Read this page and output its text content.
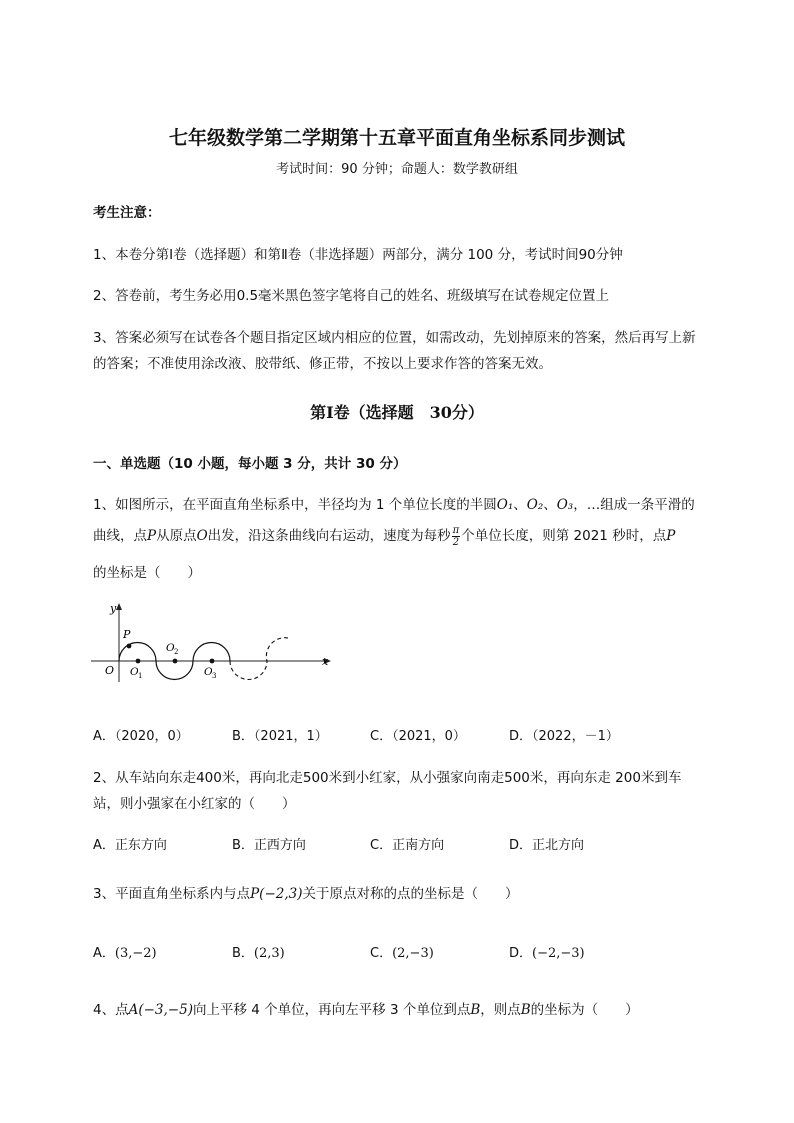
七年级数学第二学期第十五章平面直角坐标系同步测试
考试时间：90 分钟；命题人：数学教研组
考生注意：
1、本卷分第Ⅰ卷（选择题）和第Ⅱ卷（非选择题）两部分，满分 100 分，考试时间90分钟
2、答卷前，考生务必用0.5毫米黑色签字笔将自己的姓名、班级填写在试卷规定位置上
3、答案必须写在试卷各个题目指定区域内相应的位置，如需改动，先划掉原来的答案，然后再写上新
的答案；不准使用涂改液、胶带纸、修正带，不按以上要求作答的答案无效。
第Ⅰ卷（选择题　30分）
一、单选题（10 小题，每小题 3 分，共计 30 分）
1、如图所示，在平面直角坐标系中，半径均为 1 个单位长度的半圆O₁、O₂、O₃，…组成一条平滑的
曲线，点P从原点O出发，沿这条曲线向右运动，速度为每秒 $\frac{\pi}{2}$ 个单位长度，则第 2021 秒时，点P
的坐标是（　　）
y
x
O
P
O 1
O 2
O 3
A．（2020，0）	B．（2021，1）	C．（2021，0）	D．（2022，－1）
2、从车站向东走400米，再向北走500米到小红家，从小强家向南走500米，再向东走 200米到车
站，则小强家在小红家的（　　）
A．正东方向	B．正西方向	C．正南方向	D．正北方向
3、平面直角坐标系内与点P(−2,3)关于原点对称的点的坐标是（　　）
A．(3,−2)	B．(2,3)	C．(2,−3)	D．(−2,−3)
4、点A(−3,−5)向上平移 4 个单位，再向左平移 3 个单位到点B，则点B的坐标为（　　）
